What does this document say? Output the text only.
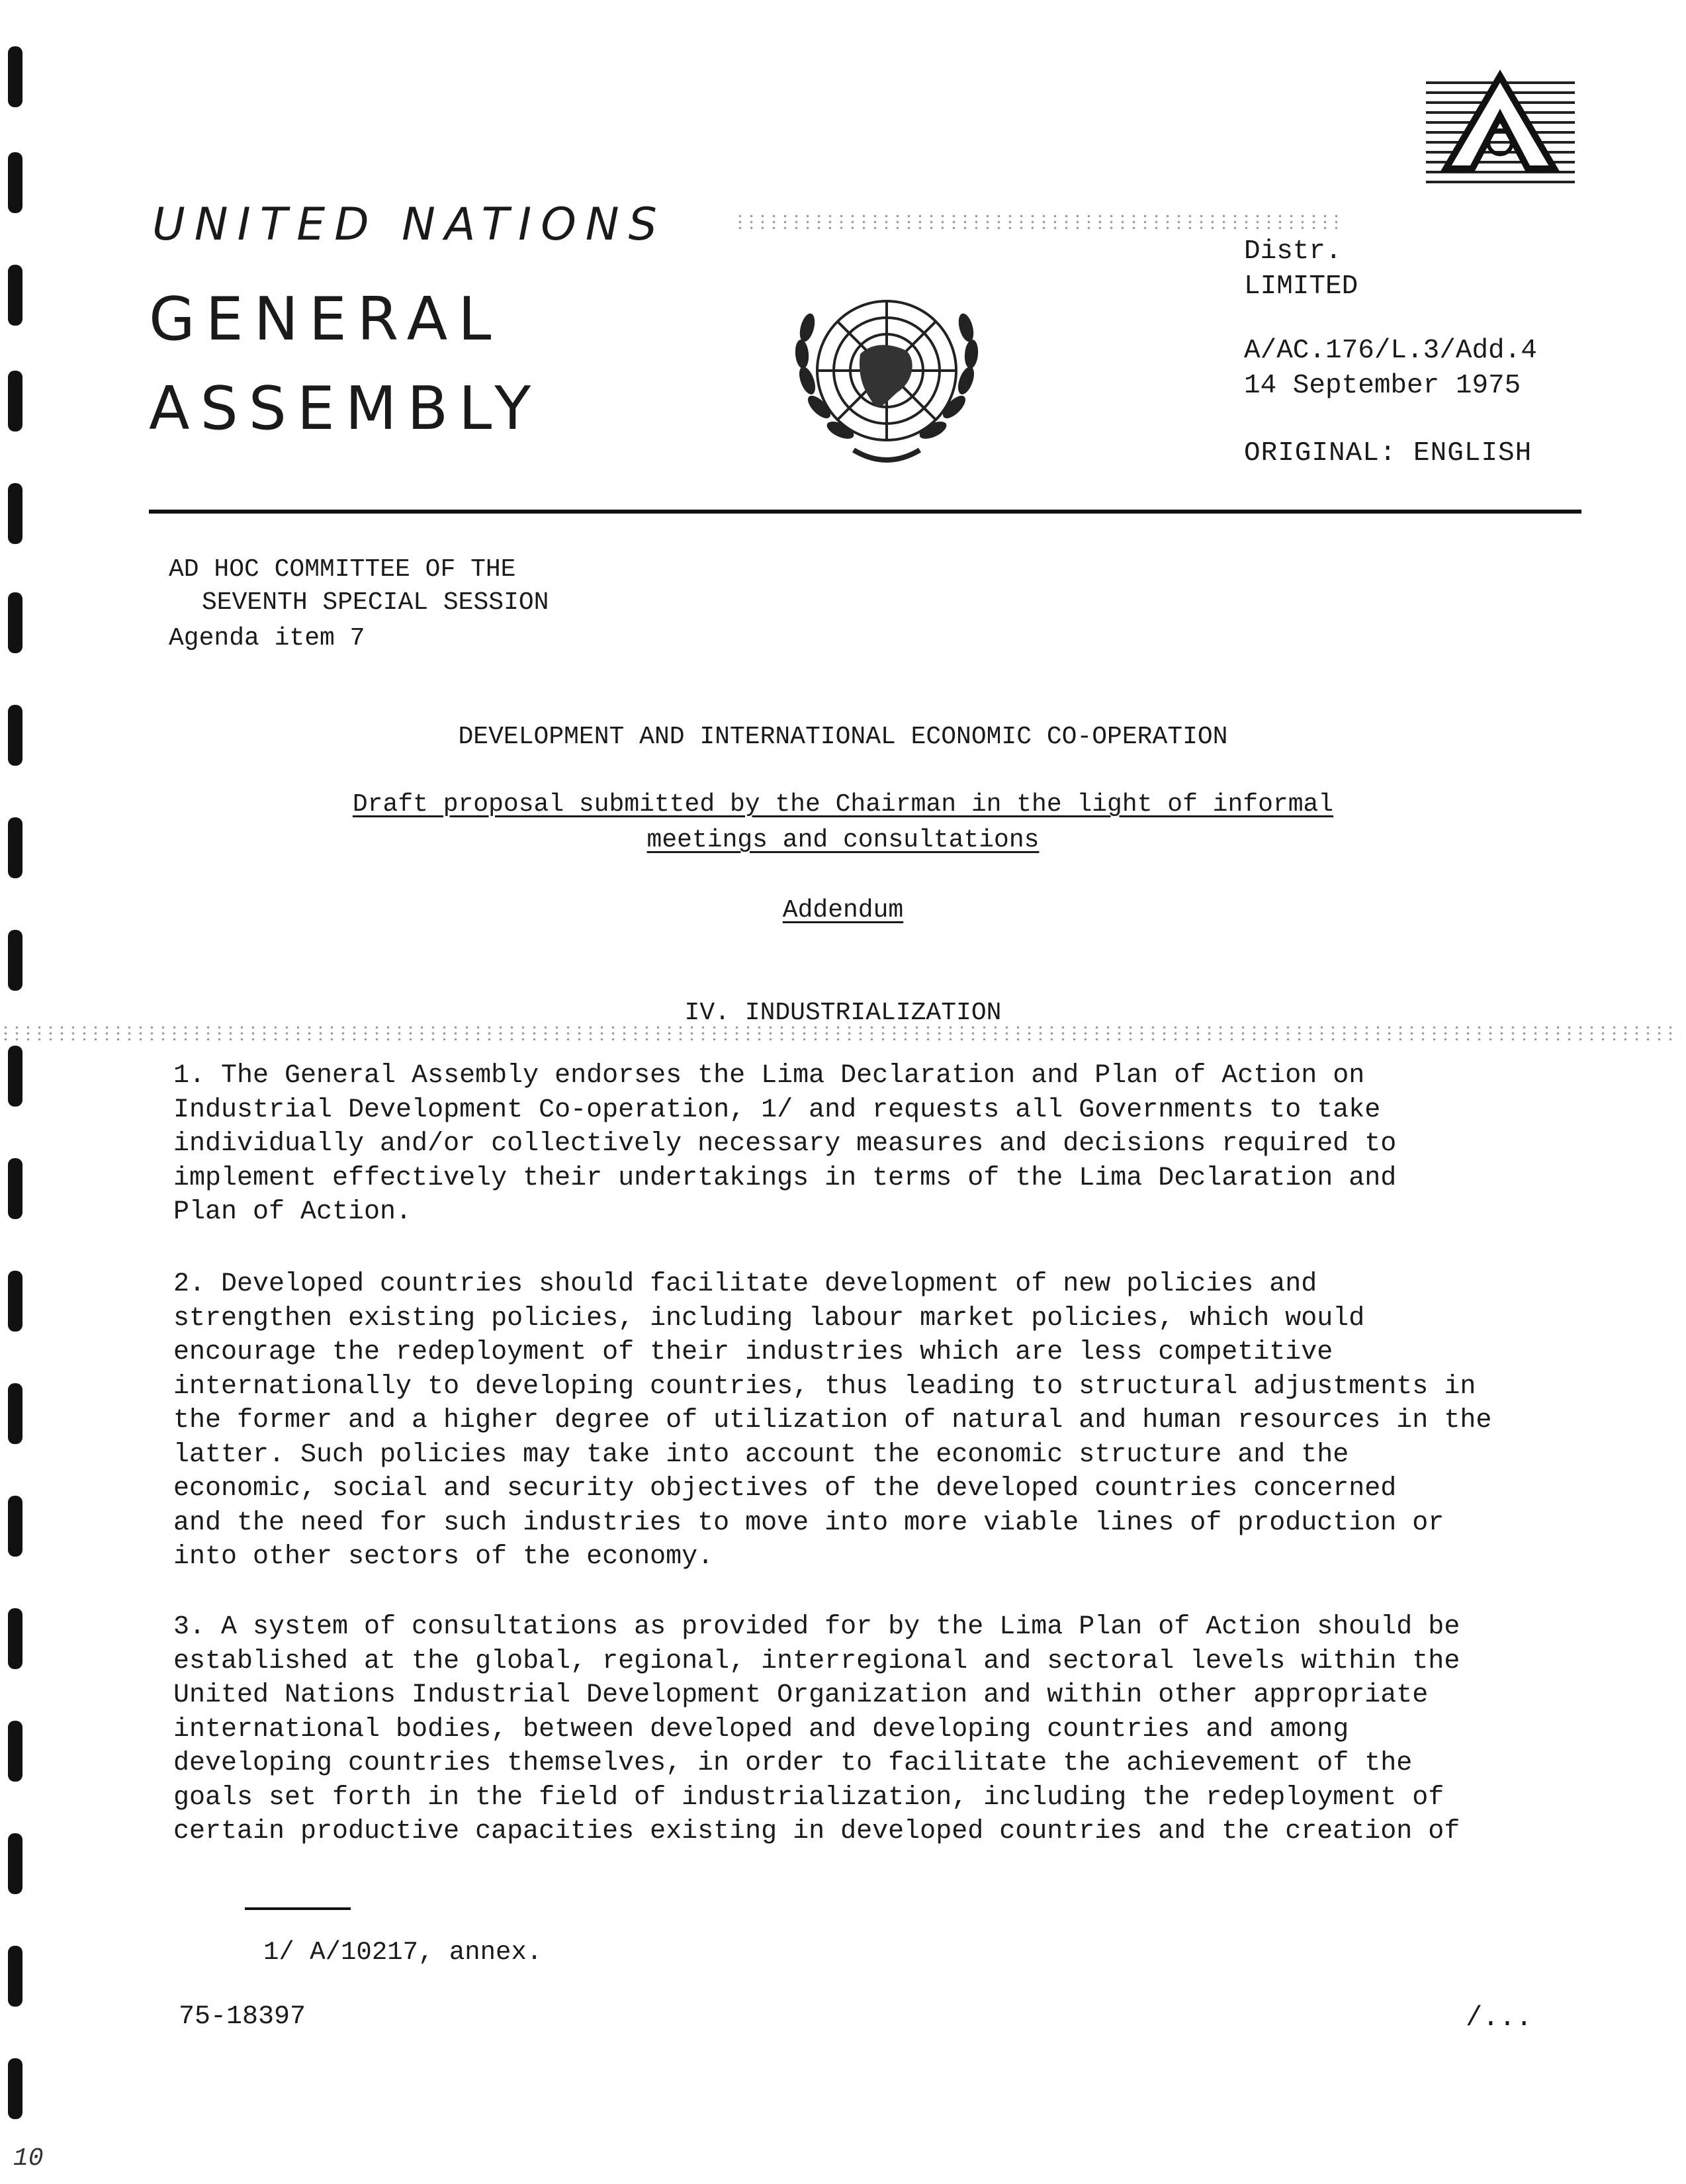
UNITED NATIONS
GENERAL
ASSEMBLY
Distr.
LIMITED
A/AC.176/L.3/Add.4
14 September 1975
ORIGINAL: ENGLISH
AD HOC COMMITTEE OF THE
SEVENTH SPECIAL SESSION
Agenda item 7
DEVELOPMENT AND INTERNATIONAL ECONOMIC CO-OPERATION
Draft proposal submitted by the Chairman in the light of informal
meetings and consultations
Addendum
IV. INDUSTRIALIZATION

1. The General Assembly endorses the Lima Declaration and Plan of Action on

Industrial Development Co-operation, 1/ and requests all Governments to take

individually and/or collectively necessary measures and decisions required to

implement effectively their undertakings in terms of the Lima Declaration and

Plan of Action.

2. Developed countries should facilitate development of new policies and

strengthen existing policies, including labour market policies, which would

encourage the redeployment of their industries which are less competitive

internationally to developing countries, thus leading to structural adjustments in

the former and a higher degree of utilization of natural and human resources in the

latter. Such policies may take into account the economic structure and the

economic, social and security objectives of the developed countries concerned

and the need for such industries to move into more viable lines of production or

into other sectors of the economy.

3. A system of consultations as provided for by the Lima Plan of Action should be

established at the global, regional, interregional and sectoral levels within the

United Nations Industrial Development Organization and within other appropriate

international bodies, between developed and developing countries and among

developing countries themselves, in order to facilitate the achievement of the

goals set forth in the field of industrialization, including the redeployment of

certain productive capacities existing in developed countries and the creation of

1/ A/10217, annex.
75-18397	/...
10
